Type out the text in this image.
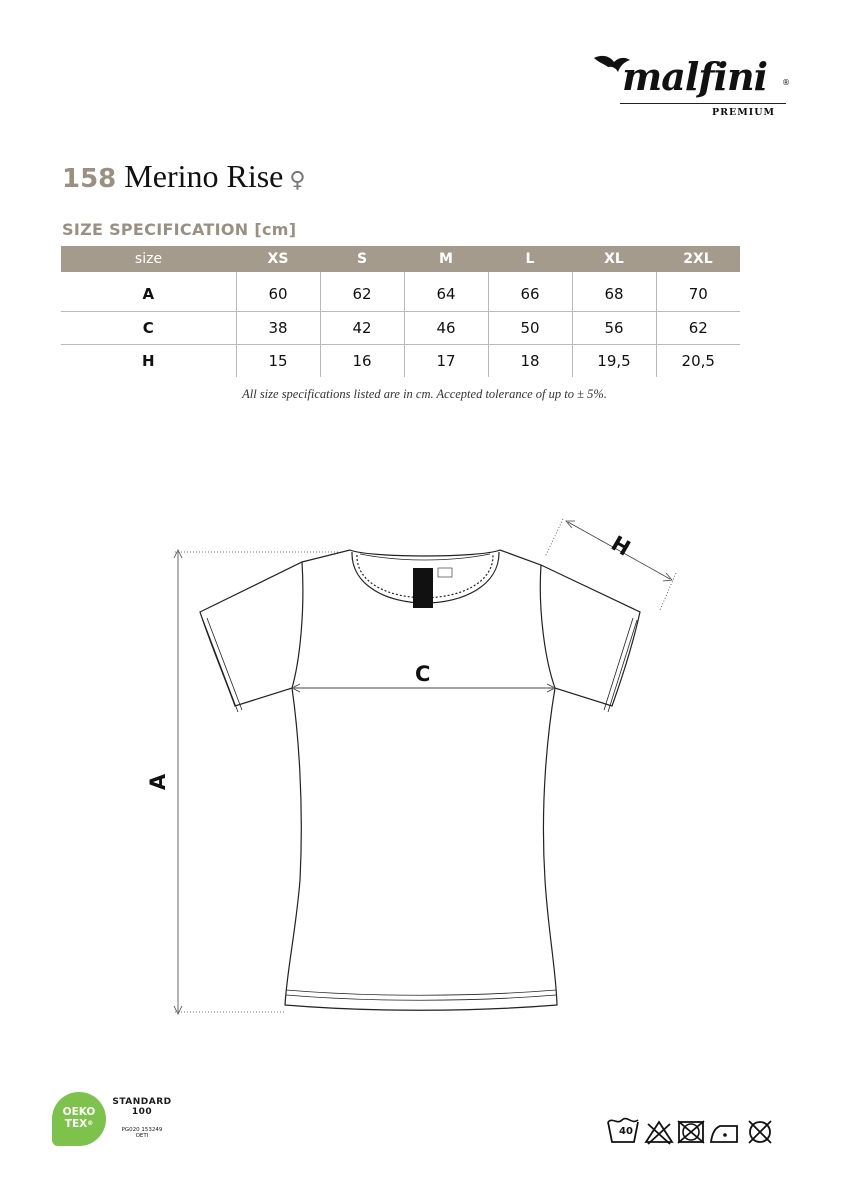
malfini ®
PREMIUM
158 Merino Rise ♀
SIZE SPECIFICATION [cm]
size	XS	S	M	L	XL	2XL
A	60	62	64	66	68	70
C	38	42	46	50	56	62
H	15	16	17	18	19,5	20,5
All size specifications listed are in cm. Accepted tolerance of up to ± 5%.
A
C
H
OEKO
TEX®
STANDARD
100
PG020 153249
OETI	40
